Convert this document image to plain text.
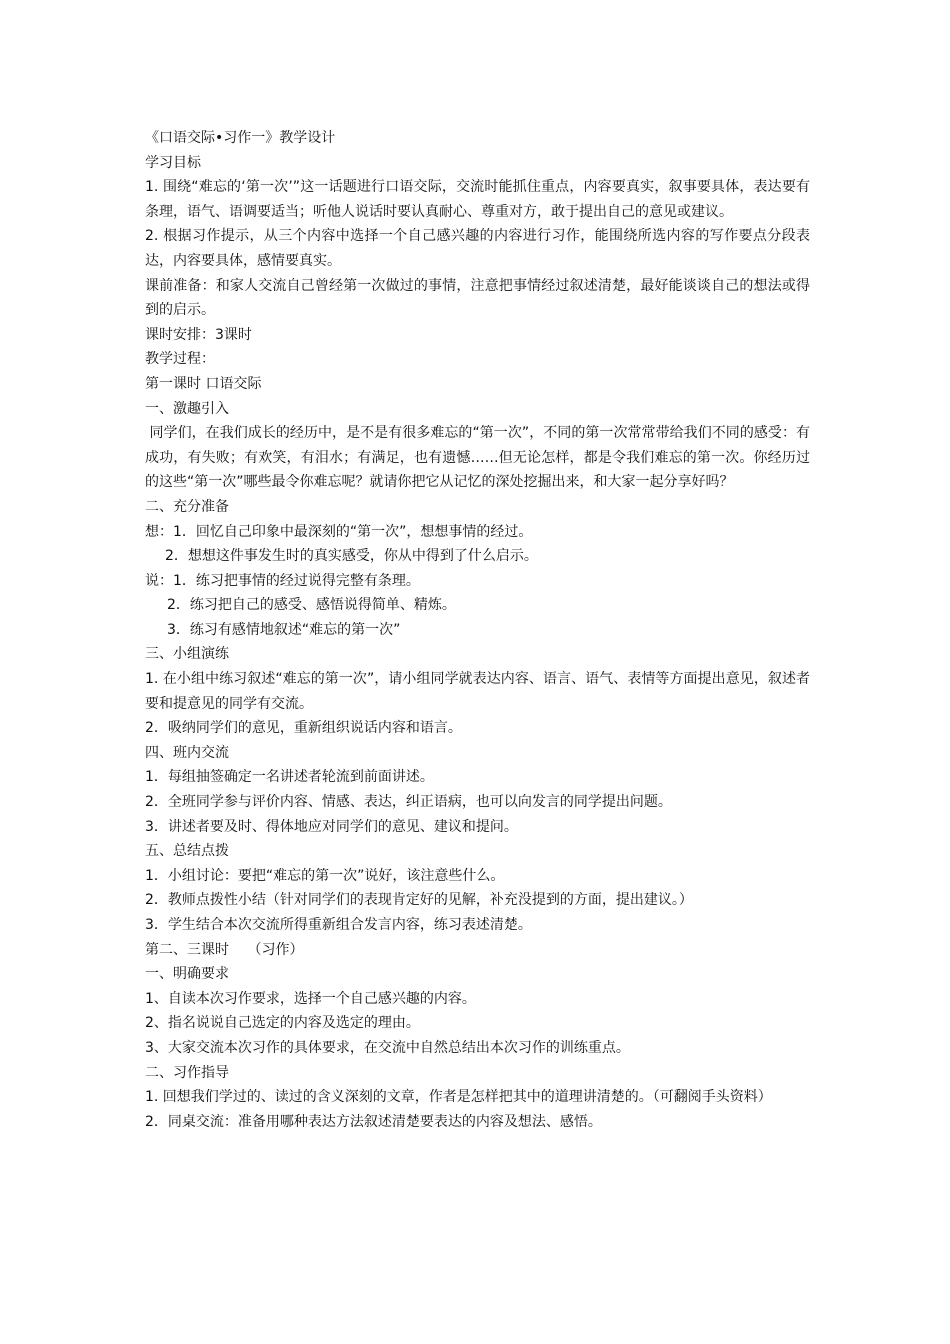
《口语交际•习作一》教学设计

学习目标

1. 围绕“难忘的‘第一次’”这一话题进行口语交际，交流时能抓住重点，内容要真实，叙事要具体，表达要有条理，语气、语调要适当；听他人说话时要认真耐心、尊重对方，敢于提出自己的意见或建议。

2. 根据习作提示，从三个内容中选择一个自己感兴趣的内容进行习作，能围绕所选内容的写作要点分段表达，内容要具体，感情要真实。

课前准备：和家人交流自己曾经第一次做过的事情，注意把事情经过叙述清楚，最好能谈谈自己的想法或得到的启示。

课时安排：3课时

教学过程：

第一课时 口语交际

一、激趣引入

同学们，在我们成长的经历中，是不是有很多难忘的“第一次”，不同的第一次常常带给我们不同的感受：有成功，有失败；有欢笑，有泪水；有满足，也有遗憾……但无论怎样，都是令我们难忘的第一次。你经历过的这些“第一次”哪些最令你难忘呢？就请你把它从记忆的深处挖掘出来，和大家一起分享好吗？

二、充分准备

想：1．回忆自己印象中最深刻的“第一次”，想想事情的经过。

2．想想这件事发生时的真实感受，你从中得到了什么启示。

说：1．练习把事情的经过说得完整有条理。

2．练习把自己的感受、感悟说得简单、精炼。

3．练习有感情地叙述“难忘的第一次”

三、小组演练

1. 在小组中练习叙述“难忘的第一次”，请小组同学就表达内容、语言、语气、表情等方面提出意见，叙述者要和提意见的同学有交流。

2．吸纳同学们的意见，重新组织说话内容和语言。

四、班内交流

1．每组抽签确定一名讲述者轮流到前面讲述。

2．全班同学参与评价内容、情感、表达，纠正语病，也可以向发言的同学提出问题。

3．讲述者要及时、得体地应对同学们的意见、建议和提问。

五、总结点拨

1．小组讨论：要把“难忘的第一次”说好，该注意些什么。

2．教师点拨性小结（针对同学们的表现肯定好的见解，补充没提到的方面，提出建议。）

3．学生结合本次交流所得重新组合发言内容，练习表述清楚。

第二、三课时　 （习作）

一、明确要求

1、自读本次习作要求，选择一个自己感兴趣的内容。

2、指名说说自己选定的内容及选定的理由。

3、大家交流本次习作的具体要求，在交流中自然总结出本次习作的训练重点。

二、习作指导

1. 回想我们学过的、读过的含义深刻的文章，作者是怎样把其中的道理讲清楚的。（可翻阅手头资料）

2．同桌交流：准备用哪种表达方法叙述清楚要表达的内容及想法、感悟。
